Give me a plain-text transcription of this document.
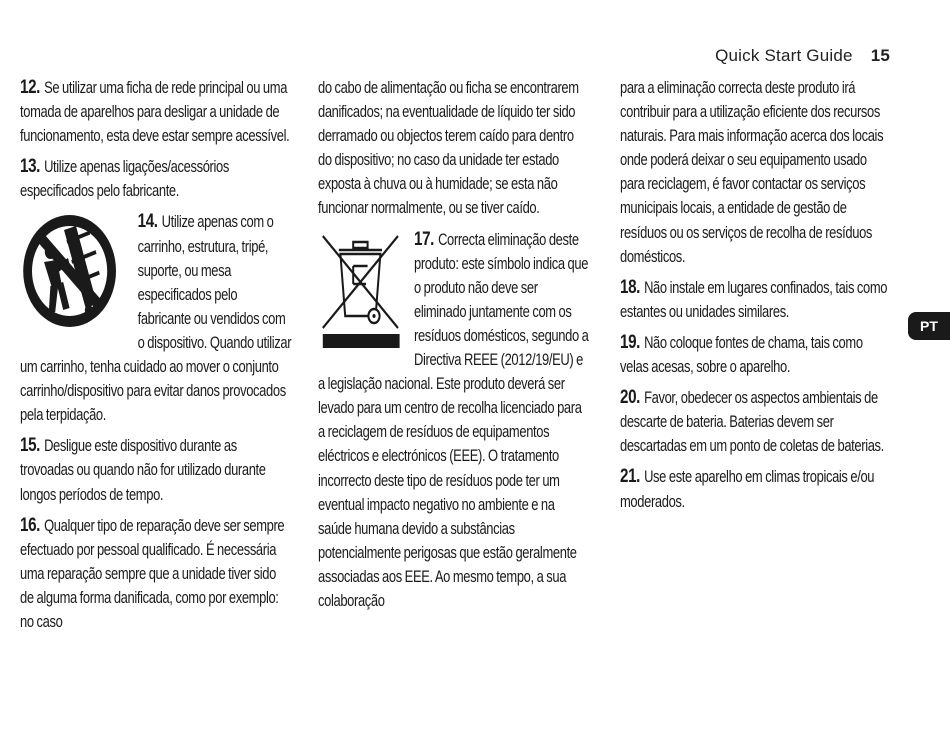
Quick Start Guide 15

12. Se utilizar uma ficha de rede principal ou uma tomada de aparelhos para desligar a unidade de funcionamento, esta deve estar sempre acessível.

13. Utilize apenas ligações/acessórios especificados pelo fabricante.

14. Utilize apenas com o carrinho, estrutura, tripé, suporte, ou mesa especificados pelo fabricante ou vendidos com o dispositivo. Quando utilizar um carrinho, tenha cuidado ao mover o conjunto carrinho/dispositivo para evitar danos provocados pela terpidação.

15. Desligue este dispositivo durante as trovoadas ou quando não for utilizado durante longos períodos de tempo.

16. Qualquer tipo de reparação deve ser sempre efectuado por pessoal qualificado. É necessária uma reparação sempre que a unidade tiver sido de alguma forma danificada, como por exemplo: no caso

do cabo de alimentação ou ficha se encontrarem danificados; na eventualidade de líquido ter sido derramado ou objectos terem caído para dentro do dispositivo; no caso da unidade ter estado exposta à chuva ou à humidade; se esta não funcionar normalmente, ou se tiver caído.

17. Correcta eliminação deste produto: este símbolo indica que o produto não deve ser eliminado juntamente com os resíduos domésticos, segundo a Directiva REEE (2012/19/EU) e a legislação nacional. Este produto deverá ser levado para um centro de recolha licenciado para a reciclagem de resíduos de equipamentos eléctricos e electrónicos (EEE). O tratamento incorrecto deste tipo de resíduos pode ter um eventual impacto negativo no ambiente e na saúde humana devido a substâncias potencialmente perigosas que estão geralmente associadas aos EEE. Ao mesmo tempo, a sua colaboração

para a eliminação correcta deste produto irá contribuir para a utilização eficiente dos recursos naturais. Para mais informação acerca dos locais onde poderá deixar o seu equipamento usado para reciclagem, é favor contactar os serviços municipais locais, a entidade de gestão de resíduos ou os serviços de recolha de resíduos domésticos.

18. Não instale em lugares confinados, tais como estantes ou unidades similares.

19. Não coloque fontes de chama, tais como velas acesas, sobre o aparelho.

20. Favor, obedecer os aspectos ambientais de descarte de bateria. Baterias devem ser descartadas em um ponto de coletas de baterias.

21. Use este aparelho em climas tropicais e/ou moderados.

PT
